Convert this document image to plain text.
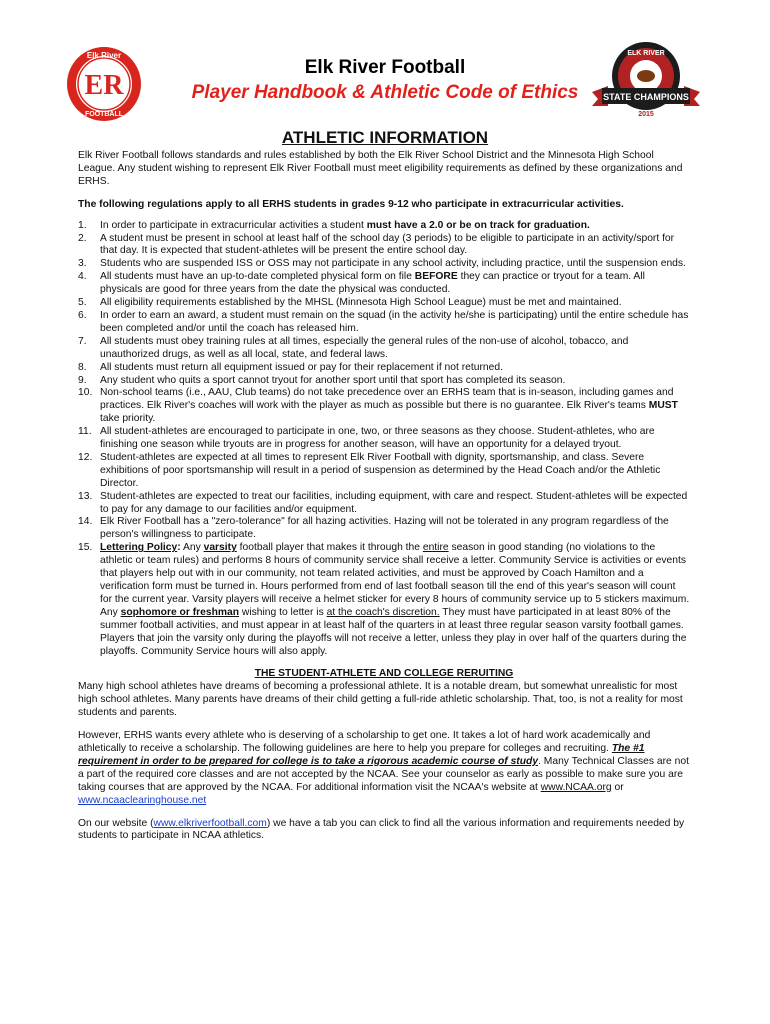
Elk River
ER
FOOTBALL
ELK RIVER
STATE CHAMPIONS
2015
Elk River Football
Player Handbook & Athletic Code of Ethics
ATHLETIC INFORMATION

Elk River Football follows standards and rules established by both the Elk River School District and the Minnesota High School League. Any student wishing to represent Elk River Football must meet eligibility requirements as defined by these organizations and ERHS.

The following regulations apply to all ERHS students in grades 9-12 who participate in extracurricular activities.

1. In order to participate in extracurricular activities a student must have a 2.0 or be on track for graduation.
2. A student must be present in school at least half of the school day (3 periods) to be eligible to participate in an activity/sport for that day. It is expected that student-athletes will be present the entire school day.
3. Students who are suspended ISS or OSS may not participate in any school activity, including practice, until the suspension ends.
4. All students must have an up-to-date completed physical form on file BEFORE they can practice or tryout for a team. All physicals are good for three years from the date the physical was conducted.
5. All eligibility requirements established by the MHSL (Minnesota High School League) must be met and maintained.
6. In order to earn an award, a student must remain on the squad (in the activity he/she is participating) until the entire schedule has been completed and/or until the coach has released him.
7. All students must obey training rules at all times, especially the general rules of the non-use of alcohol, tobacco, and unauthorized drugs, as well as all local, state, and federal laws.
8. All students must return all equipment issued or pay for their replacement if not returned.
9. Any student who quits a sport cannot tryout for another sport until that sport has completed its season.
10. Non-school teams (i.e., AAU, Club teams) do not take precedence over an ERHS team that is in-season, including games and practices. Elk River's coaches will work with the player as much as possible but there is no guarantee. Elk River's teams MUST take priority.
11. All student-athletes are encouraged to participate in one, two, or three seasons as they choose. Student-athletes, who are finishing one season while tryouts are in progress for another season, will have an opportunity for a delayed tryout.
12. Student-athletes are expected at all times to represent Elk River Football with dignity, sportsmanship, and class. Severe exhibitions of poor sportsmanship will result in a period of suspension as determined by the Head Coach and/or the Athletic Director.
13. Student-athletes are expected to treat our facilities, including equipment, with care and respect. Student-athletes will be expected to pay for any damage to our facilities and/or equipment.
14. Elk River Football has a "zero-tolerance" for all hazing activities. Hazing will not be tolerated in any program regardless of the person's willingness to participate.
15. Lettering Policy: Any varsity football player that makes it through the entire season in good standing (no violations to the athletic or team rules) and performs 8 hours of community service shall receive a letter. Community Service is activities or events that players help out with in our community, not team related activities, and must be approved by Coach Hamilton and a verification form must be turned in. Hours performed from end of last football season till the end of this year's season will count for the current year. Varsity players will receive a helmet sticker for every 8 hours of community service up to 5 stickers maximum. Any sophomore or freshman wishing to letter is at the coach's discretion. They must have participated in at least 80% of the summer football activities, and must appear in at least half of the quarters in at least three regular season varsity football games. Players that join the varsity only during the playoffs will not receive a letter, unless they play in over half of the quarters during the playoffs. Community Service hours will also apply.

THE STUDENT-ATHLETE AND COLLEGE RERUITING

Many high school athletes have dreams of becoming a professional athlete. It is a notable dream, but somewhat unrealistic for most high school athletes. Many parents have dreams of their child getting a full-ride athletic scholarship. That, too, is not a reality for most students and parents.

However, ERHS wants every athlete who is deserving of a scholarship to get one. It takes a lot of hard work academically and athletically to receive a scholarship. The following guidelines are here to help you prepare for colleges and recruiting. The #1 requirement in order to be prepared for college is to take a rigorous academic course of study. Many Technical Classes are not a part of the required core classes and are not accepted by the NCAA. See your counselor as early as possible to make sure you are taking courses that are approved by the NCAA. For additional information visit the NCAA's website at www.NCAA.org or www.ncaaclearinghouse.net

On our website (www.elkriverfootball.com) we have a tab you can click to find all the various information and requirements needed by students to participate in NCAA athletics.
